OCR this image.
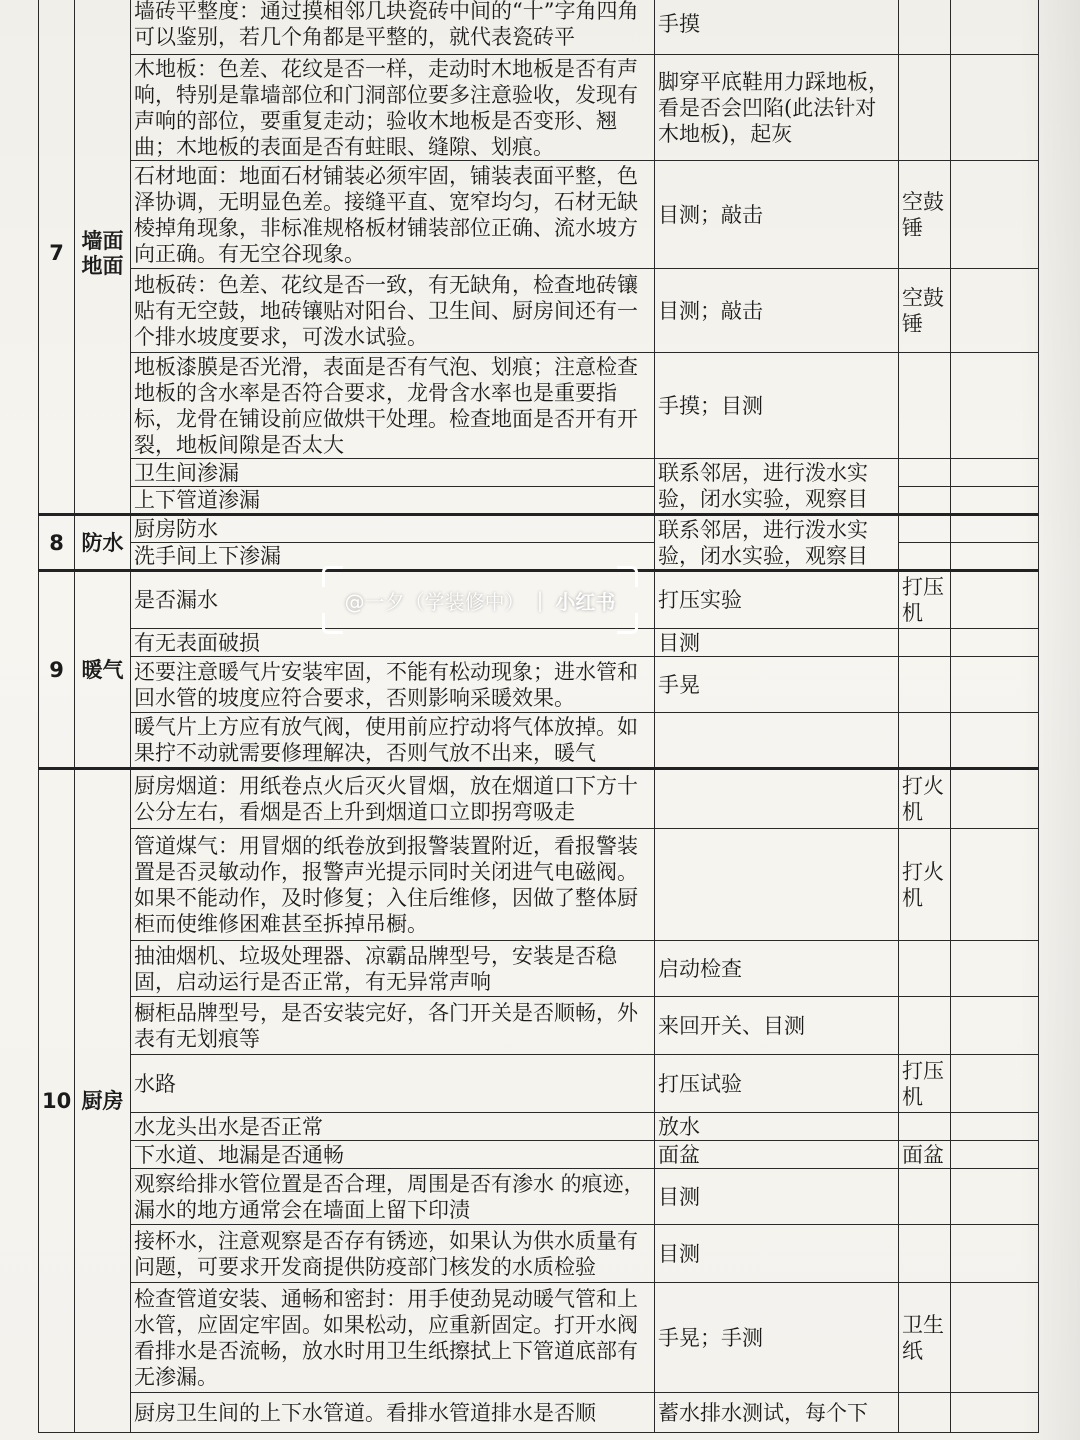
7	墙面地面	墙砖平整度：通过摸相邻几块瓷砖中间的“十”字角四角可以鉴别，若几个角都是平整的，就代表瓷砖平	手摸		
		木地板：色差、花纹是否一样，走动时木地板是否有声响，特别是靠墙部位和门洞部位要多注意验收，发现有声响的部位，要重复走动；验收木地板是否变形、翘曲；木地板的表面是否有蛀眼、缝隙、划痕。	脚穿平底鞋用力踩地板，看是否会凹陷(此法针对木地板)，起灰		
		石材地面：地面石材铺装必须牢固，铺装表面平整，色泽协调，无明显色差。接缝平直、宽窄均匀，石材无缺棱掉角现象，非标准规格板材铺装部位正确、流水坡方向正确。有无空谷现象。	目测；敲击	空鼓锤	
		地板砖：色差、花纹是否一致，有无缺角，检查地砖镶贴有无空鼓，地砖镶贴对阳台、卫生间、厨房间还有一个排水坡度要求，可泼水试验。	目测；敲击	空鼓锤	
		地板漆膜是否光滑，表面是否有气泡、划痕；注意检查地板的含水率是否符合要求，龙骨含水率也是重要指标，龙骨在铺设前应做烘干处理。检查地面是否开有开裂，地板间隙是否太大	手摸；目测		
		卫生间渗漏	联系邻居，进行泼水实验，闭水实验，观察目		
		上下管道渗漏			
8	防水	厨房防水	联系邻居，进行泼水实验，闭水实验，观察目		
		洗手间上下渗漏			
9	暖气	是否漏水	打压实验	打压机	
		有无表面破损	目测		
		还要注意暖气片安装牢固，不能有松动现象；进水管和回水管的坡度应符合要求，否则影响采暖效果。	手晃		
		暖气片上方应有放气阀，使用前应拧动将气体放掉。如果拧不动就需要修理解决，否则气放不出来，暖气			
10	厨房	厨房烟道：用纸卷点火后灭火冒烟，放在烟道口下方十公分左右，看烟是否上升到烟道口立即拐弯吸走		打火机	
		管道煤气：用冒烟的纸卷放到报警装置附近，看报警装置是否灵敏动作，报警声光提示同时关闭进气电磁阀。如果不能动作，及时修复；入住后维修，因做了整体厨柜而使维修困难甚至拆掉吊橱。		打火机	
		抽油烟机、垃圾处理器、凉霸品牌型号，安装是否稳固，启动运行是否正常，有无异常声响	启动检查		
		橱柜品牌型号，是否安装完好，各门开关是否顺畅，外表有无划痕等	来回开关、目测		
		水路	打压试验	打压机	
		水龙头出水是否正常	放水		
		下水道、地漏是否通畅	面盆	面盆	
		观察给排水管位置是否合理，周围是否有渗水 的痕迹，漏水的地方通常会在墙面上留下印渍	目测		
		接杯水，注意观察是否存有锈迹，如果认为供水质量有问题，可要求开发商提供防疫部门核发的水质检验	目测		
		检查管道安装、通畅和密封：用手使劲晃动暖气管和上水管，应固定牢固。如果松动，应重新固定。打开水阀看排水是否流畅，放水时用卫生纸擦拭上下管道底部有无渗漏。	手晃；手测	卫生纸	
		厨房卫生间的上下水管道。看排水管道排水是否顺	蓄水排水测试，每个下		
@一夕（学装修中） | 小红书
